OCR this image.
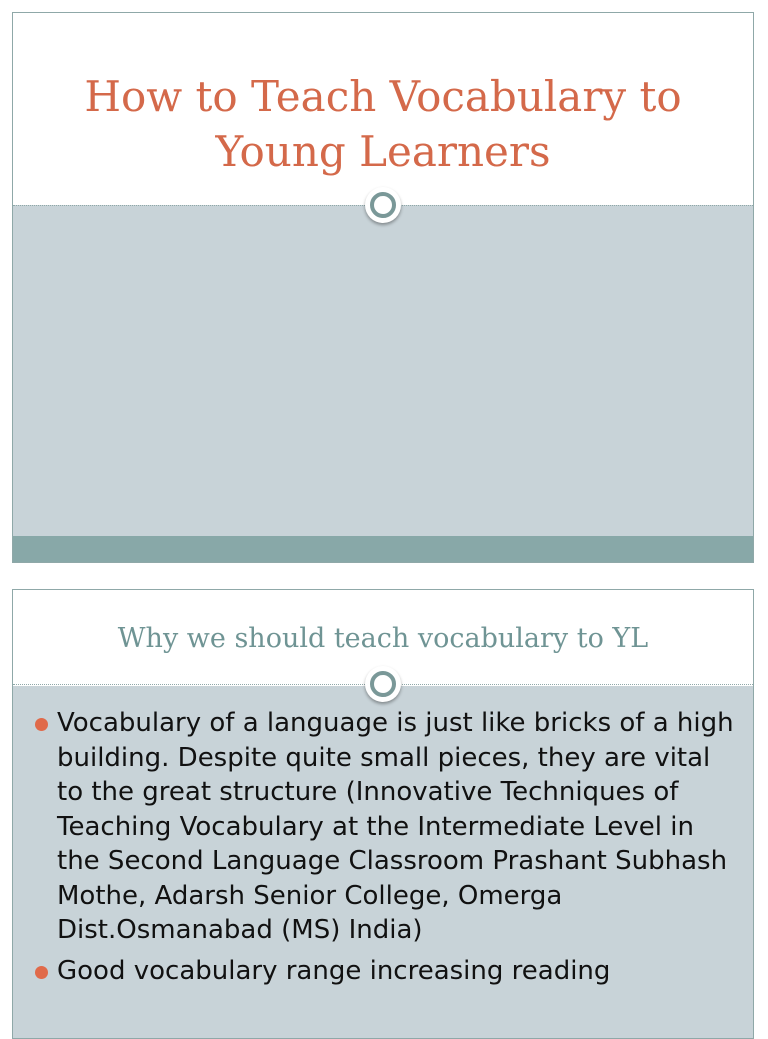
How to Teach Vocabulary to Young Learners
Why we should teach vocabulary to YL
Vocabulary of a language is just like bricks of a high building. Despite quite small pieces, they are vital to the great structure (Innovative Techniques of Teaching Vocabulary at the Intermediate Level in the Second Language Classroom Prashant Subhash Mothe, Adarsh Senior College, Omerga Dist.Osmanabad (MS) India)
Good vocabulary range increasing reading
